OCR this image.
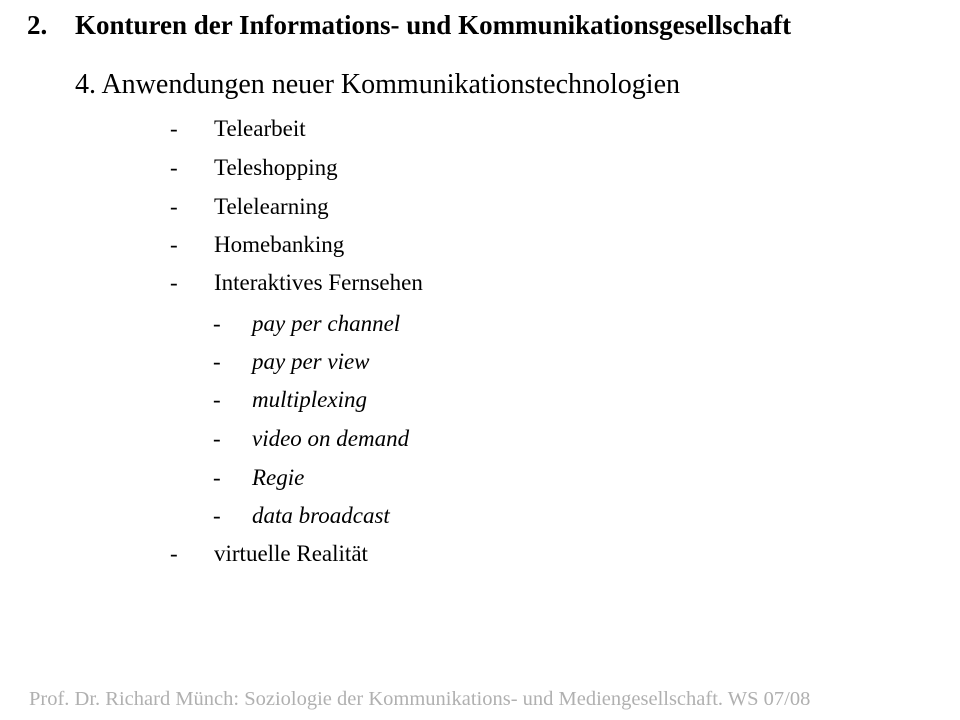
2.	Konturen der Informations- und Kommunikationsgesellschaft
4. Anwendungen neuer Kommunikationstechnologien
- Telearbeit
- Teleshopping
- Telelearning
- Homebanking
- Interaktives Fernsehen
- pay per channel
- pay per view
- multiplexing
- video on demand
- Regie
- data broadcast
- virtuelle Realität
Prof. Dr. Richard Münch: Soziologie der Kommunikations- und Mediengesellschaft. WS 07/08
